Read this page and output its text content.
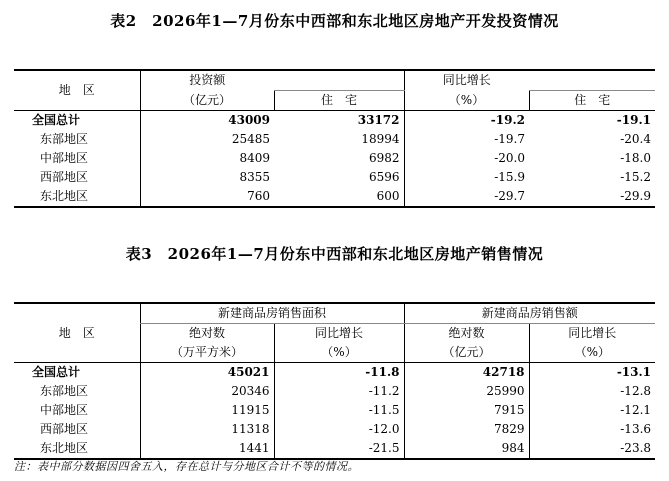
表2　2026年1—7月份东中西部和东北地区房地产开发投资情况
地　区	投资额		同比增长	
	（亿元）	住　宅	（%）	住　宅
全国总计	43009	33172	-19.2	-19.1
东部地区	25485	18994	-19.7	-20.4
中部地区	8409	6982	-20.0	-18.0
西部地区	8355	6596	-15.9	-15.2
东北地区	760	600	-29.7	-29.9
表3　2026年1—7月份东中西部和东北地区房地产销售情况
地　区	新建商品房销售面积		新建商品房销售额	
	绝对数	同比增长	绝对数	同比增长
	（万平方米）	（%）	（亿元）	（%）
全国总计	45021	-11.8	42718	-13.1
东部地区	20346	-11.2	25990	-12.8
中部地区	11915	-11.5	7915	-12.1
西部地区	11318	-12.0	7829	-13.6
东北地区	1441	-21.5	984	-23.8
注：表中部分数据因四舍五入，存在总计与分地区合计不等的情况。
